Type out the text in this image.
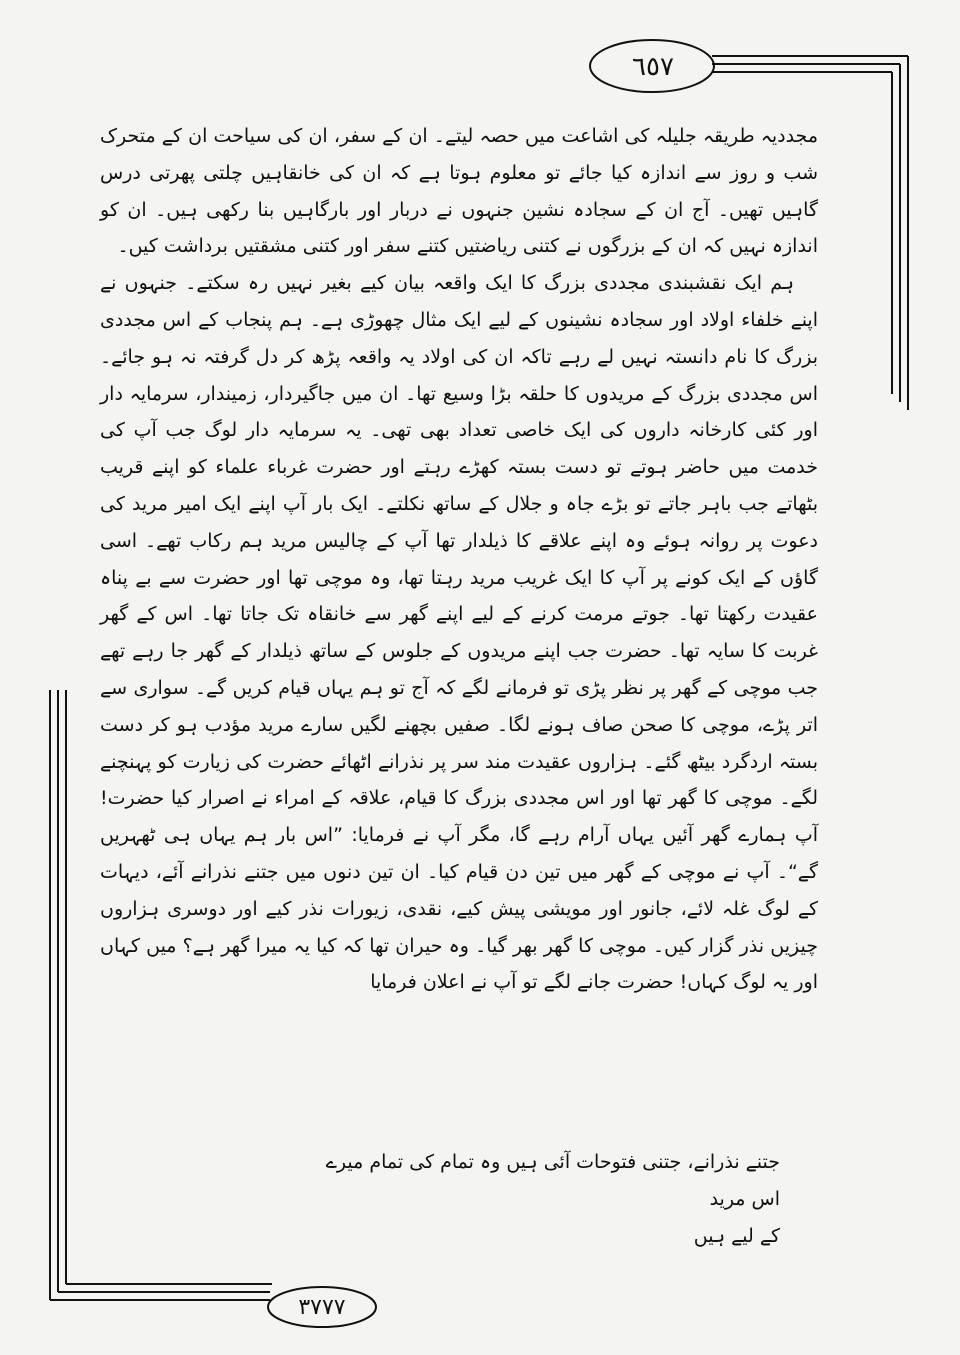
٦٥٧

مجددیہ طریقہ جلیلہ کی اشاعت میں حصہ لیتے۔ ان کے سفر، ان کی سیاحت ان کے متحرک شب و روز سے اندازہ کیا جائے تو معلوم ہوتا ہے کہ ان کی خانقاہیں چلتی پھرتی درس گاہیں تھیں۔ آج ان کے سجادہ نشین جنہوں نے دربار اور بارگاہیں بنا رکھی ہیں۔ ان کو اندازہ نہیں کہ ان کے بزرگوں نے کتنی ریاضتیں کتنے سفر اور کتنی مشقتیں برداشت کیں۔

ہم ایک نقشبندی مجددی بزرگ کا ایک واقعہ بیان کیے بغیر نہیں رہ سکتے۔ جنہوں نے اپنے خلفاء اولاد اور سجادہ نشینوں کے لیے ایک مثال چھوڑی ہے۔ ہم پنجاب کے اس مجددی بزرگ کا نام دانستہ نہیں لے رہے تاکہ ان کی اولاد یہ واقعہ پڑھ کر دل گرفتہ نہ ہو جائے۔ اس مجددی بزرگ کے مریدوں کا حلقہ بڑا وسیع تھا۔ ان میں جاگیردار، زمیندار، سرمایہ دار اور کئی کارخانہ داروں کی ایک خاصی تعداد بھی تھی۔ یہ سرمایہ دار لوگ جب آپ کی خدمت میں حاضر ہوتے تو دست بستہ کھڑے رہتے اور حضرت غرباء علماء کو اپنے قریب بٹھاتے جب باہر جاتے تو بڑے جاہ و جلال کے ساتھ نکلتے۔ ایک بار آپ اپنے ایک امیر مرید کی دعوت پر روانہ ہوئے وہ اپنے علاقے کا ذیلدار تھا آپ کے چالیس مرید ہم رکاب تھے۔ اسی گاؤں کے ایک کونے پر آپ کا ایک غریب مرید رہتا تھا، وہ موچی تھا اور حضرت سے بے پناہ عقیدت رکھتا تھا۔ جوتے مرمت کرنے کے لیے اپنے گھر سے خانقاہ تک جاتا تھا۔ اس کے گھر غربت کا سایہ تھا۔ حضرت جب اپنے مریدوں کے جلوس کے ساتھ ذیلدار کے گھر جا رہے تھے جب موچی کے گھر پر نظر پڑی تو فرمانے لگے کہ آج تو ہم یہاں قیام کریں گے۔ سواری سے اتر پڑے، موچی کا صحن صاف ہونے لگا۔ صفیں بچھنے لگیں سارے مرید مؤدب ہو کر دست بستہ اردگرد بیٹھ گئے۔ ہزاروں عقیدت مند سر پر نذرانے اٹھائے حضرت کی زیارت کو پہنچنے لگے۔ موچی کا گھر تھا اور اس مجددی بزرگ کا قیام، علاقہ کے امراء نے اصرار کیا حضرت! آپ ہمارے گھر آئیں یہاں آرام رہے گا، مگر آپ نے فرمایا: ”اس بار ہم یہاں ہی ٹھہریں گے“۔ آپ نے موچی کے گھر میں تین دن قیام کیا۔ ان تین دنوں میں جتنے نذرانے آئے، دیہات کے لوگ غلہ لائے، جانور اور مویشی پیش کیے، نقدی، زیورات نذر کیے اور دوسری ہزاروں چیزیں نذر گزار کیں۔ موچی کا گھر بھر گیا۔ وہ حیران تھا کہ کیا یہ میرا گھر ہے؟ میں کہاں اور یہ لوگ کہاں! حضرت جانے لگے تو آپ نے اعلان فرمایا

جتنے نذرانے، جتنی فتوحات آئی ہیں وہ تمام کی تمام میرے اس مرید

کے لیے ہیں

٣٧٧٧
